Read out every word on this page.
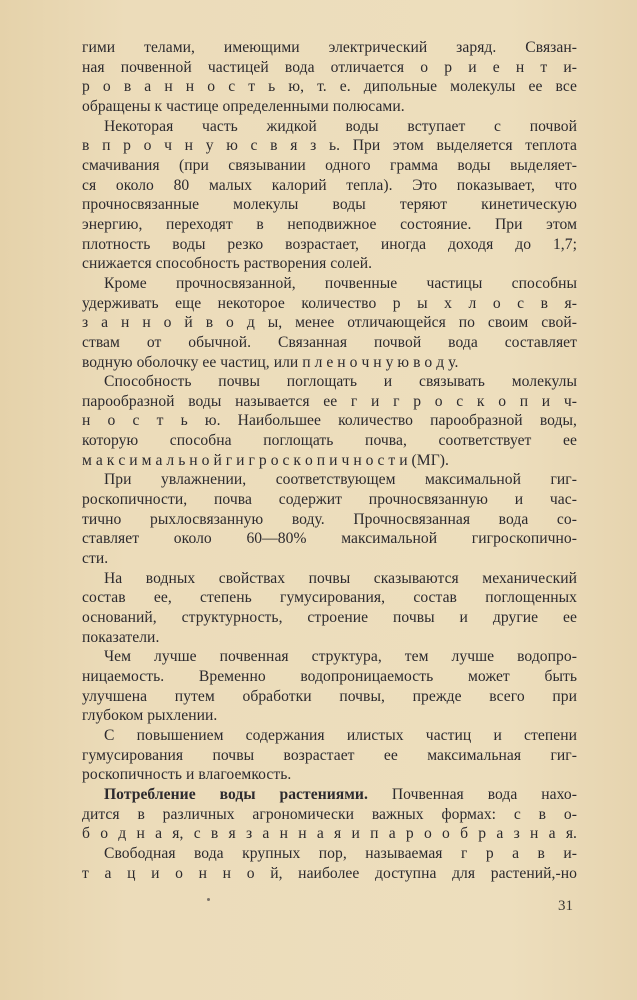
гими телами, имеющими электрический заряд. Связан-
ная почвенной частицей вода отличается о р и е н т и-
р о в а н н о с т ь ю, т. е. дипольные молекулы ее все
обращены к частице определенными полюсами.

Некоторая часть жидкой воды вступает с почвой
в п р о ч н у ю с в я з ь. При этом выделяется теплота
смачивания (при связывании одного грамма воды выделяет-
ся около 80 малых калорий тепла). Это показывает, что
прочносвязанные молекулы воды теряют кинетическую
энергию, переходят в неподвижное состояние. При этом
плотность воды резко возрастает, иногда доходя до 1,7;
снижается способность растворения солей.

Кроме прочносвязанной, почвенные частицы способны
удерживать еще некоторое количество р ы х л о с в я-
з а н н о й в о д ы, менее отличающейся по своим свой-
ствам от обычной. Связанная почвой вода составляет
водную оболочку ее частиц, или п л е н о ч н у ю в о д у.

Способность почвы поглощать и связывать молекулы
парообразной воды называется ее г и г р о с к о п и ч-
н о с т ь ю. Наибольшее количество парообразной воды,
которую способна поглощать почва, соответствует ее
м а к с и м а л ь н о й г и г р о с к о п и ч н о с т и (МГ).

При увлажнении, соответствующем максимальной гиг-
роскопичности, почва содержит прочносвязанную и час-
тично рыхлосвязанную воду. Прочносвязанная вода со-
ставляет около 60—80% максимальной гигроскопично-
сти.

На водных свойствах почвы сказываются механический
состав ее, степень гумусирования, состав поглощенных
оснований, структурность, строение почвы и другие ее
показатели.

Чем лучше почвенная структура, тем лучше водопро-
ницаемость. Временно водопроницаемость может быть
улучшена путем обработки почвы, прежде всего при
глубоком рыхлении.

С повышением содержания илистых частиц и степени
гумусирования почвы возрастает ее максимальная гиг-
роскопичность и влагоемкость.

Потребление воды растениями. Почвенная вода нахо-
дится в различных агрономически важных формах: с в о-
б о д н а я, с в я з а н н а я и п а р о о б р а з н а я.

Свободная вода крупных пор, называемая г р а в и-
т а ц и о н н о й, наиболее доступна для растений,-но

31
